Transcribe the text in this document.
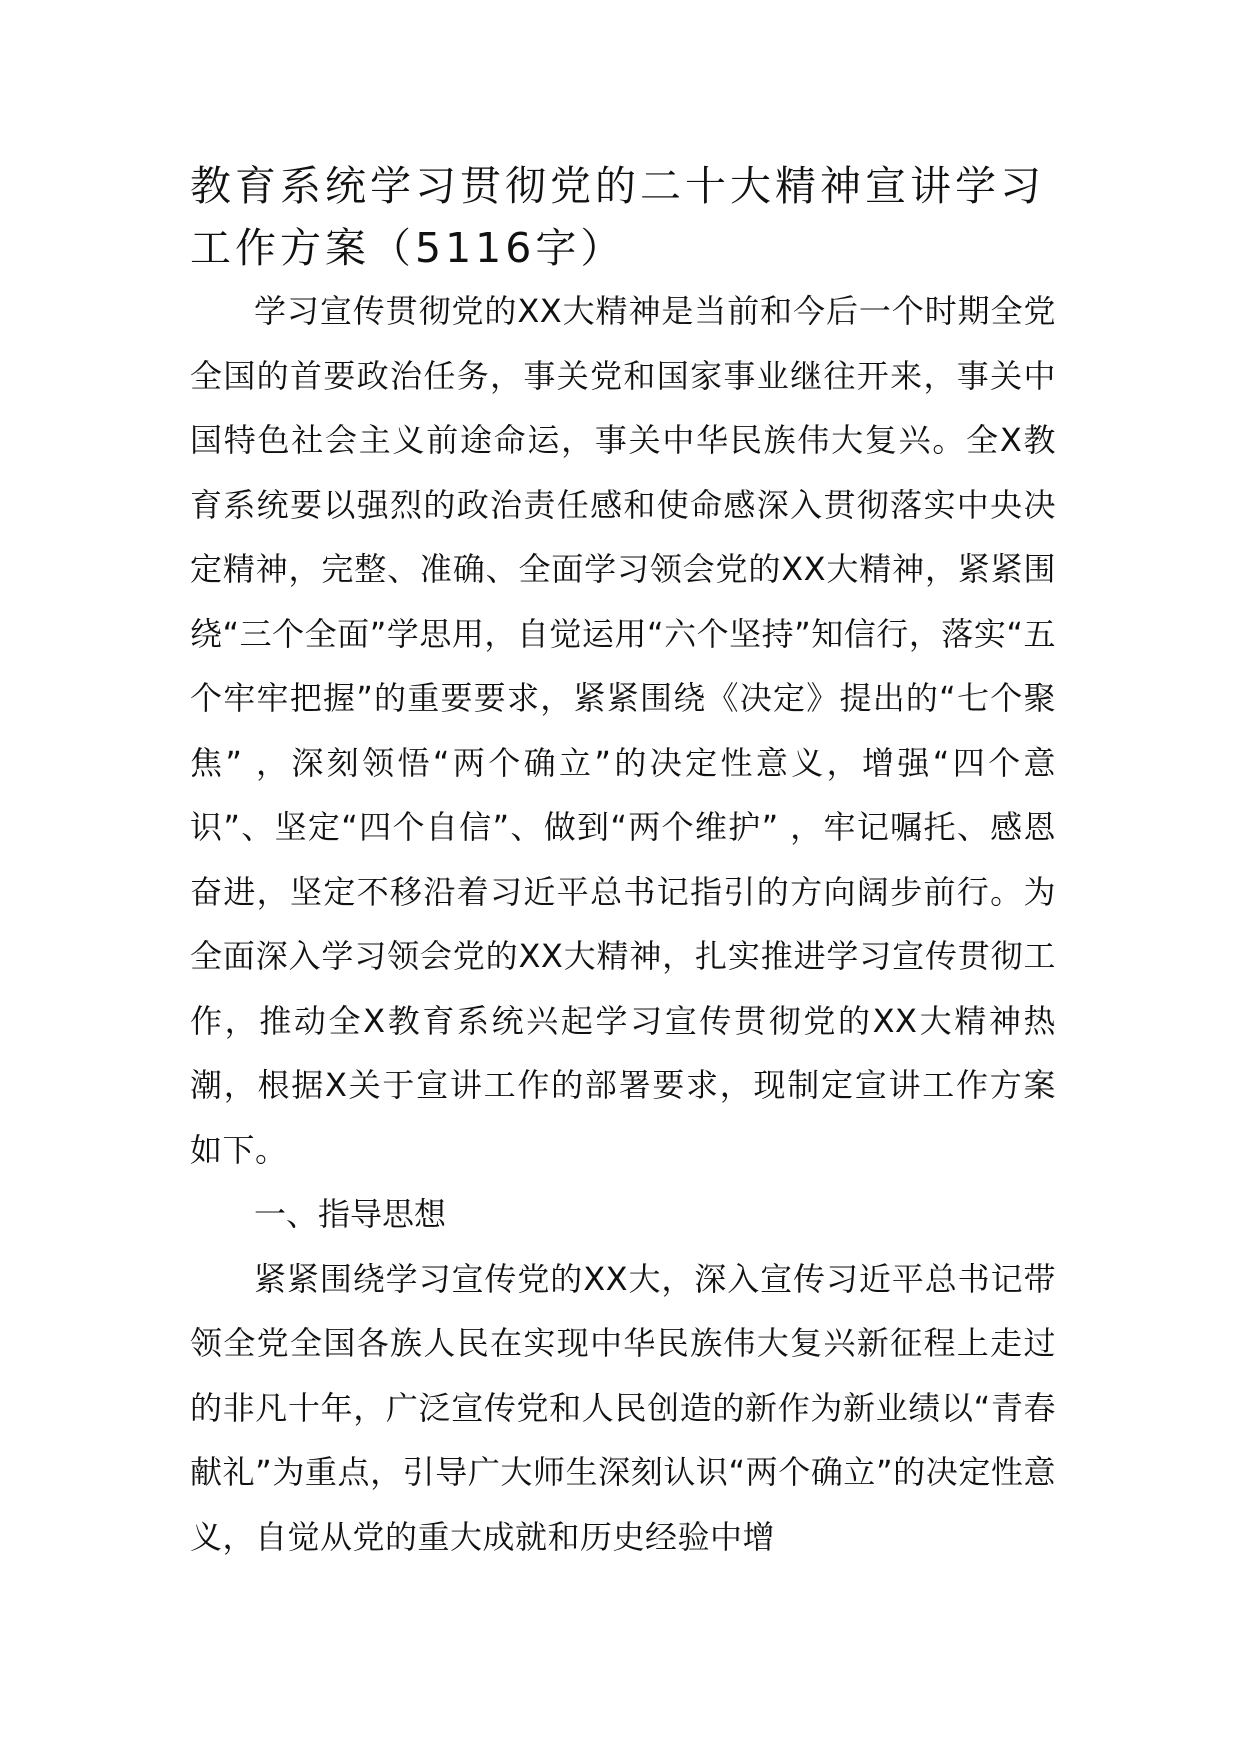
教育系统学习贯彻党的二十大精神宣讲学习工作方案（5116字）

学习宣传贯彻党的XX大精神是当前和今后一个时期全党全国的首要政治任务，事关党和国家事业继往开来，事关中国特色社会主义前途命运，事关中华民族伟大复兴。全X教育系统要以强烈的政治责任感和使命感深入贯彻落实中央决定精神，完整、准确、全面学习领会党的XX大精神，紧紧围绕“三个全面”学思用，自觉运用“六个坚持”知信行，落实“五个牢牢把握”的重要要求，紧紧围绕《决定》提出的“七个聚焦” ，深刻领悟“两个确立”的决定性意义，增强“四个意识”、坚定“四个自信”、做到“两个维护” ，牢记嘱托、感恩奋进，坚定不移沿着习近平总书记指引的方向阔步前行。为全面深入学习领会党的XX大精神，扎实推进学习宣传贯彻工作，推动全X教育系统兴起学习宣传贯彻党的XX大精神热潮，根据X关于宣讲工作的部署要求，现制定宣讲工作方案如下。

一、指导思想

紧紧围绕学习宣传党的XX大，深入宣传习近平总书记带领全党全国各族人民在实现中华民族伟大复兴新征程上走过的非凡十年，广泛宣传党和人民创造的新作为新业绩以“青春献礼”为重点，引导广大师生深刻认识“两个确立”的决定性意义，自觉从党的重大成就和历史经验中增
